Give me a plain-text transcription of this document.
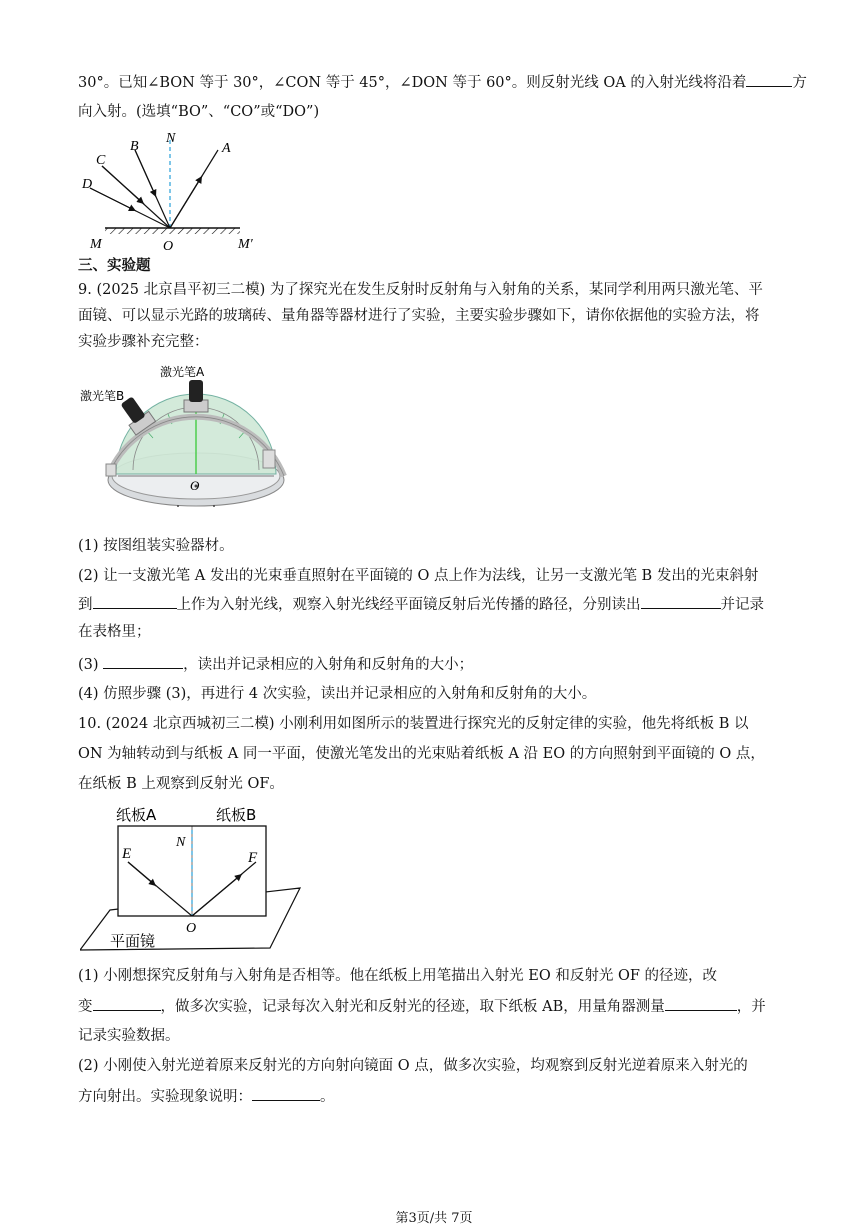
30°。已知∠BON 等于 30°，∠CON 等于 45°，∠DON 等于 60°。则反射光线 OA 的入射光线将沿着	方
向入射。(选填“BO”、“CO”或“DO”)
N
A
B
C
D
M	O	M′
三、实验题
9. (2025 北京昌平初三二模) 为了探究光在发生反射时反射角与入射角的关系，某同学利用两只激光笔、平
面镜、可以显示光路的玻璃砖、量角器等器材进行了实验，主要实验步骤如下，请你依据他的实验方法，将
实验步骤补充完整：
激光笔A
激光笔B
O
(1) 按图组装实验器材。
(2) 让一支激光笔 A 发出的光束垂直照射在平面镜的 O 点上作为法线，让另一支激光笔 B 发出的光束斜射
到	上作为入射光线，观察入射光线经平面镜反射后光传播的路径，分别读出	并记录
在表格里；
(3)	，读出并记录相应的入射角和反射角的大小；
(4) 仿照步骤 (3)，再进行 4 次实验，读出并记录相应的入射角和反射角的大小。
10. (2024 北京西城初三二模) 小刚利用如图所示的装置进行探究光的反射定律的实验，他先将纸板 B 以
ON 为轴转动到与纸板 A 同一平面，使激光笔发出的光束贴着纸板 A 沿 EO 的方向照射到平面镜的 O 点，
在纸板 B 上观察到反射光 OF。
纸板A	纸板B
N
E	F
O
平面镜
(1) 小刚想探究反射角与入射角是否相等。他在纸板上用笔描出入射光 EO 和反射光 OF 的径迹，改
变	，做多次实验，记录每次入射光和反射光的径迹，取下纸板 AB，用量角器测量	，并
记录实验数据。
(2) 小刚使入射光逆着原来反射光的方向射向镜面 O 点，做多次实验，均观察到反射光逆着原来入射光的
方向射出。实验现象说明：	。
第3页/共 7页
